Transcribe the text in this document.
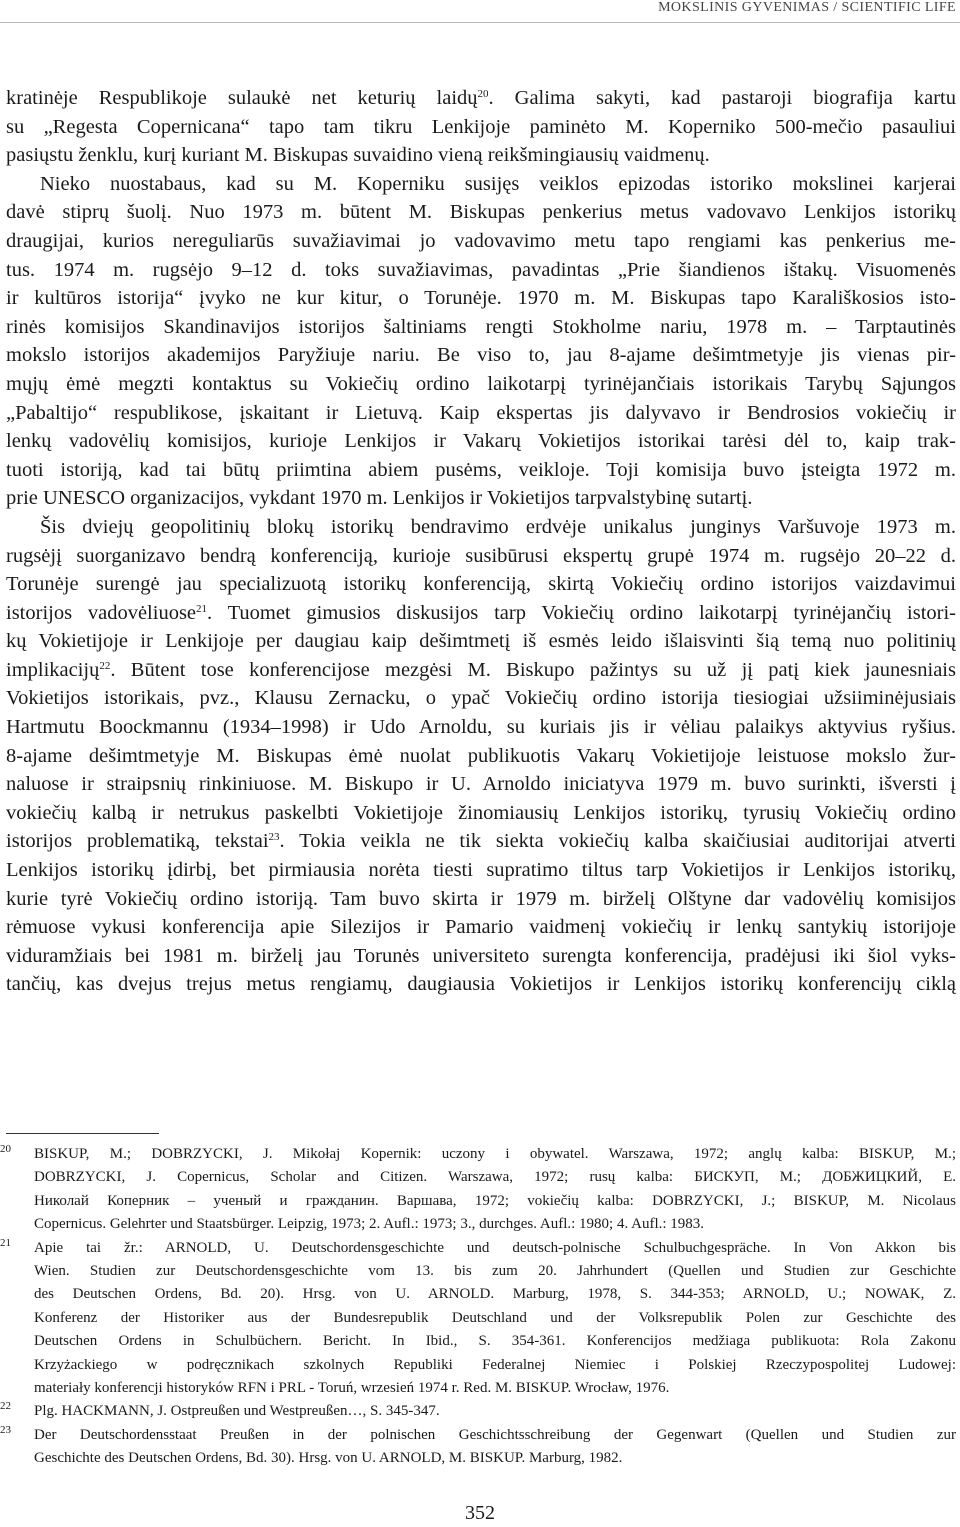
MOKSLINIS GYVENIMAS / SCIENTIFIC LIFE

kratinėje Respublikoje sulaukė net keturių laidų$^{20}$. Galima sakyti, kad pastaroji biografija kartu
su „Regesta Copernicana“ tapo tam tikru Lenkijoje paminėto M. Koperniko 500-mečio pasauliui
pasiųstu ženklu, kurį kuriant M. Biskupas suvaidino vieną reikšmingiausių vaidmenų.
Nieko nuostabaus, kad su M. Koperniku susijęs veiklos epizodas istoriko mokslinei karjerai
davė stiprų šuolį. Nuo 1973 m. būtent M. Biskupas penkerius metus vadovavo Lenkijos istorikų
draugijai, kurios nereguliarūs suvažiavimai jo vadovavimo metu tapo rengiami kas penkerius me-
tus. 1974 m. rugsėjo 9–12 d. toks suvažiavimas, pavadintas „Prie šiandienos ištakų. Visuomenės
ir kultūros istorija“ įvyko ne kur kitur, o Torunėje. 1970 m. M. Biskupas tapo Karališkosios isto-
rinės komisijos Skandinavijos istorijos šaltiniams rengti Stokholme nariu, 1978 m. – Tarptautinės
mokslo istorijos akademijos Paryžiuje nariu. Be viso to, jau 8-ajame dešimtmetyje jis vienas pir-
mųjų ėmė megzti kontaktus su Vokiečių ordino laikotarpį tyrinėjančiais istorikais Tarybų Sąjungos
„Pabaltijo“ respublikose, įskaitant ir Lietuvą. Kaip ekspertas jis dalyvavo ir Bendrosios vokiečių ir
lenkų vadovėlių komisijos, kurioje Lenkijos ir Vakarų Vokietijos istorikai tarėsi dėl to, kaip trak-
tuoti istoriją, kad tai būtų priimtina abiem pusėms, veikloje. Toji komisija buvo įsteigta 1972 m.
prie UNESCO organizacijos, vykdant 1970 m. Lenkijos ir Vokietijos tarpvalstybinę sutartį.

Šis dviejų geopolitinių blokų istorikų bendravimo erdvėje unikalus junginys Varšuvoje 1973 m.
rugsėjį suorganizavo bendrą konferenciją, kurioje susibūrusi ekspertų grupė 1974 m. rugsėjo 20–22 d.
Torunėje surengė jau specializuotą istorikų konferenciją, skirtą Vokiečių ordino istorijos vaizdavimui
istorijos vadovėliuose$^{21}$. Tuomet gimusios diskusijos tarp Vokiečių ordino laikotarpį tyrinėjančių istori-
kų Vokietijoje ir Lenkijoje per daugiau kaip dešimtmetį iš esmės leido išlaisvinti šią temą nuo politinių
implikacijų$^{22}$. Būtent tose konferencijose mezgėsi M. Biskupo pažintys su už jį patį kiek jaunesniais
Vokietijos istorikais, pvz., Klausu Zernacku, o ypač Vokiečių ordino istorija tiesiogiai užsiiminėjusiais
Hartmutu Boockmannu (1934–1998) ir Udo Arnoldu, su kuriais jis ir vėliau palaikys aktyvius ryšius.
8-ajame dešimtmetyje M. Biskupas ėmė nuolat publikuotis Vakarų Vokietijoje leistuose mokslo žur-
naluose ir straipsnių rinkiniuose. M. Biskupo ir U. Arnoldo iniciatyva 1979 m. buvo surinkti, išversti į
vokiečių kalbą ir netrukus paskelbti Vokietijoje žinomiausių Lenkijos istorikų, tyrusių Vokiečių ordino
istorijos problematiką, tekstai$^{23}$. Tokia veikla ne tik siekta vokiečių kalba skaičiusiai auditorijai atverti
Lenkijos istorikų įdirbį, bet pirmiausia norėta tiesti supratimo tiltus tarp Vokietijos ir Lenkijos istorikų,
kurie tyrė Vokiečių ordino istoriją. Tam buvo skirta ir 1979 m. birželį Olštyne dar vadovėlių komisijos
rėmuose vykusi konferencija apie Silezijos ir Pamario vaidmenį vokiečių ir lenkų santykių istorijoje
viduramžiais bei 1981 m. birželį jau Torunės universiteto surengta konferencija, pradėjusi iki šiol vyks-
tančių, kas dvejus trejus metus rengiamų, daugiausia Vokietijos ir Lenkijos istorikų konferencijų ciklą

20 BISKUP, M.; DOBRZYCKI, J. Mikołaj Kopernik: uczony i obywatel. Warszawa, 1972; anglų kalba: BISKUP, M.;
DOBRZYCKI, J. Copernicus, Scholar and Citizen. Warszawa, 1972; rusų kalba: БИСКУП, М.; ДОБЖИЦКИЙ, Е.
Николай Коперник – ученый и гражданин. Варшава, 1972; vokiečių kalba: DOBRZYCKI, J.; BISKUP, M. Nicolaus
Copernicus. Gelehrter und Staatsbürger. Leipzig, 1973; 2. Aufl.: 1973; 3., durchges. Aufl.: 1980; 4. Aufl.: 1983.
21 Apie tai žr.: ARNOLD, U. Deutschordensgeschichte und deutsch-polnische Schulbuchgespräche. In Von Akkon bis
Wien. Studien zur Deutschordensgeschichte vom 13. bis zum 20. Jahrhundert (Quellen und Studien zur Geschichte
des Deutschen Ordens, Bd. 20). Hrsg. von U. ARNOLD. Marburg, 1978, S. 344-353; ARNOLD, U.; NOWAK, Z.
Konferenz der Historiker aus der Bundesrepublik Deutschland und der Volksrepublik Polen zur Geschichte des
Deutschen Ordens in Schulbüchern. Bericht. In Ibid., S. 354-361. Konferencijos medžiaga publikuota: Rola Zakonu
Krzyżackiego w podręcznikach szkolnych Republiki Federalnej Niemiec i Polskiej Rzeczypospolitej Ludowej:
materiały konferencji historyków RFN i PRL - Toruń, wrzesień 1974 r. Red. M. BISKUP. Wrocław, 1976.
22 Plg. HACKMANN, J. Ostpreußen und Westpreußen…, S. 345-347.
23 Der Deutschordensstaat Preußen in der polnischen Geschichtsschreibung der Gegenwart (Quellen und Studien zur
Geschichte des Deutschen Ordens, Bd. 30). Hrsg. von U. ARNOLD, M. BISKUP. Marburg, 1982.
352
